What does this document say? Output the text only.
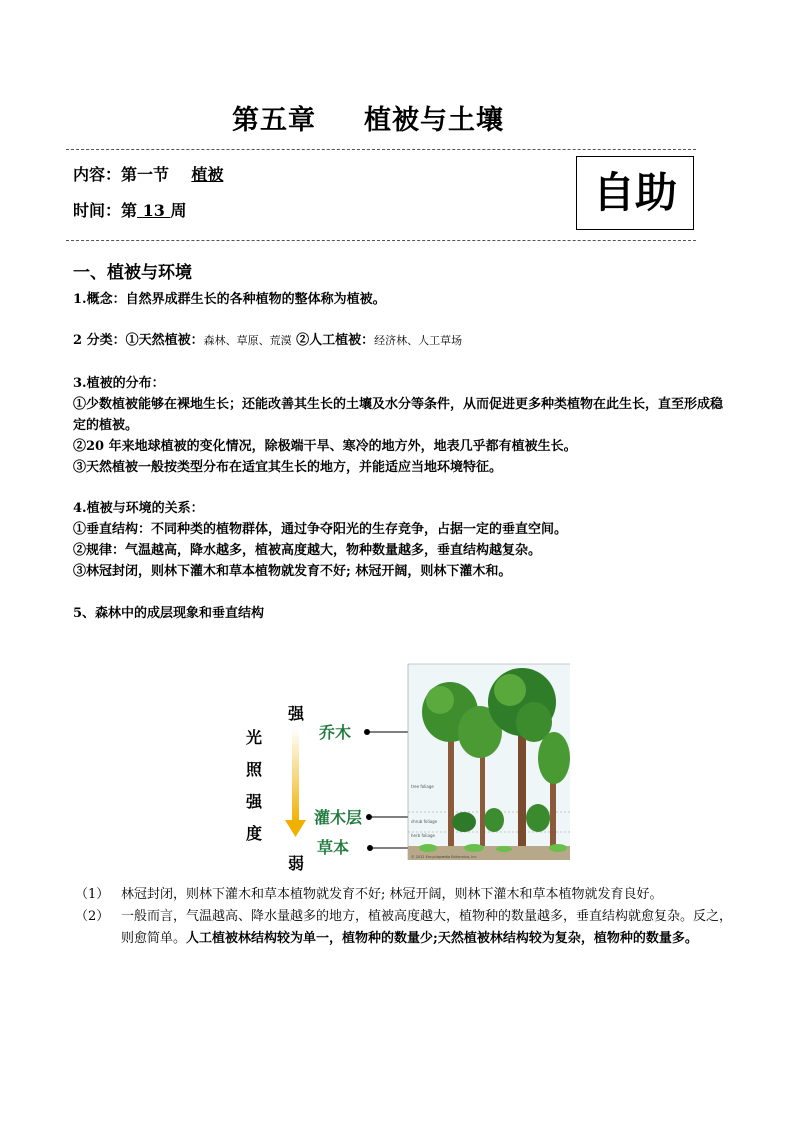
第五章 植被与土壤
内容：第一节 植被
时间：第 13 周	自助
一、植被与环境
1.概念：自然界成群生长的各种植物的整体称为植被。
2 分类：①天然植被：森林、草原、荒漠 ②人工植被：经济林、人工草场
3.植被的分布：
①少数植被能够在裸地生长；还能改善其生长的土壤及水分等条件，从而促进更多种类植物在此生长，直至形成稳定的植被。
②20 年来地球植被的变化情况，除极端干旱、寒冷的地方外，地表几乎都有植被生长。
③天然植被一般按类型分布在适宜其生长的地方，并能适应当地环境特征。
4.植被与环境的关系：
①垂直结构：不同种类的植物群体，通过争夺阳光的生存竞争，占据一定的垂直空间。
②规律：气温越高，降水越多，植被高度越大，物种数量越多，垂直结构越复杂。
③林冠封闭，则林下灌木和草本植物就发育不好; 林冠开阔，则林下灌木和。
5、森林中的成层现象和垂直结构
强
弱
光
照
强
度
乔木
灌木层
草本
tree foliage
shrub foliage
herb foliage
© 2012 Encyclopædia Britannica, Inc.
（1） 林冠封闭，则林下灌木和草本植物就发育不好; 林冠开阔，则林下灌木和草本植物就发育良好。
（2） 一般而言，气温越高、降水量越多的地方，植被高度越大，植物种的数量越多，垂直结构就愈复杂。反之，则愈简单。人工植被林结构较为单一，植物种的数量少;天然植被林结构较为复杂，植物种的数量多。
